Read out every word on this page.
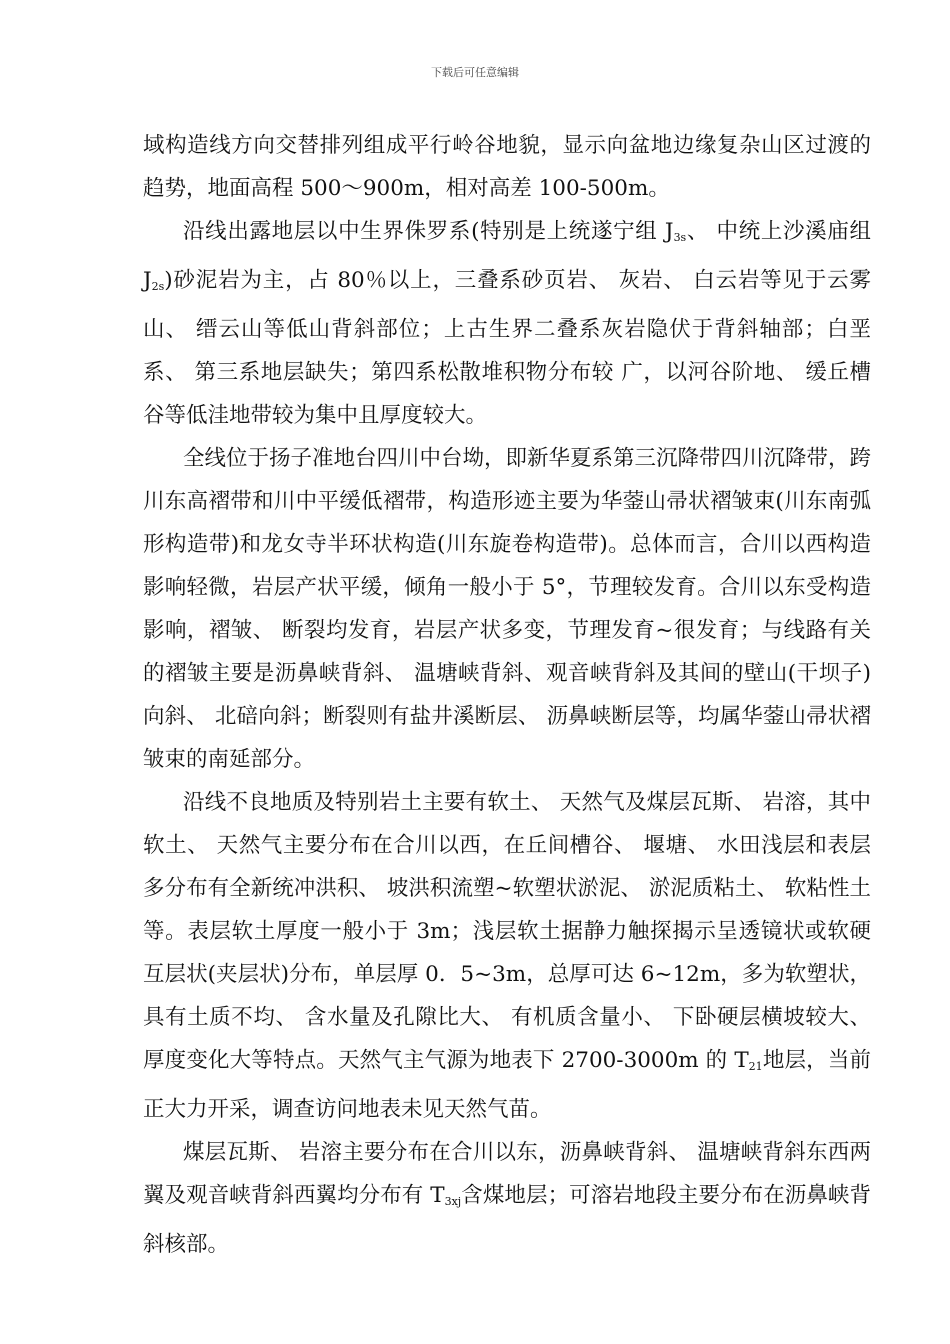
下载后可任意编辑

域构造线方向交替排列组成平行岭谷地貌，显示向盆地边缘复杂山区过渡的趋势，地面高程 500～900m，相对高差 100-500m。

沿线出露地层以中生界侏罗系(特别是上统遂宁组 $J_{3s}$、 中统上沙溪庙组 $J_{2s}$)砂泥岩为主，占 80％以上，三叠系砂页岩、 灰岩、 白云岩等见于云雾山、 缙云山等低山背斜部位；上古生界二叠系灰岩隐伏于背斜轴部；白垩系、 第三系地层缺失；第四系松散堆积物分布较 广，以河谷阶地、 缓丘槽谷等低洼地带较为集中且厚度较大。

全线位于扬子准地台四川中台坳，即新华夏系第三沉降带四川沉降带，跨川东高褶带和川中平缓低褶带，构造形迹主要为华蓥山帚状褶皱束(川东南弧形构造带)和龙女寺半环状构造(川东旋卷构造带)。总体而言，合川以西构造影响轻微，岩层产状平缓，倾角一般小于 5°，节理较发育。合川以东受构造影响，褶皱、 断裂均发育，岩层产状多变，节理发育~很发育；与线路有关的褶皱主要是沥鼻峡背斜、 温塘峡背斜、观音峡背斜及其间的壁山(干坝子)向斜、 北碚向斜；断裂则有盐井溪断层、 沥鼻峡断层等，均属华蓥山帚状褶皱束的南延部分。

沿线不良地质及特别岩土主要有软土、 天然气及煤层瓦斯、 岩溶，其中软土、 天然气主要分布在合川以西，在丘间槽谷、 堰塘、 水田浅层和表层多分布有全新统冲洪积、 坡洪积流塑~软塑状淤泥、 淤泥质粘土、 软粘性土等。表层软土厚度一般小于 3m；浅层软土据静力触探揭示呈透镜状或软硬互层状(夹层状)分布，单层厚 0．5~3m，总厚可达 6~12m，多为软塑状，具有土质不均、 含水量及孔隙比大、 有机质含量小、 下卧硬层横坡较大、 厚度变化大等特点。天然气主气源为地表下 2700-3000m 的 $T_{21}$地层，当前正大力开采，调查访问地表未见天然气苗。

煤层瓦斯、 岩溶主要分布在合川以东，沥鼻峡背斜、 温塘峡背斜东西两翼及观音峡背斜西翼均分布有 $T_{3xj}$含煤地层；可溶岩地段主要分布在沥鼻峡背斜核部。
